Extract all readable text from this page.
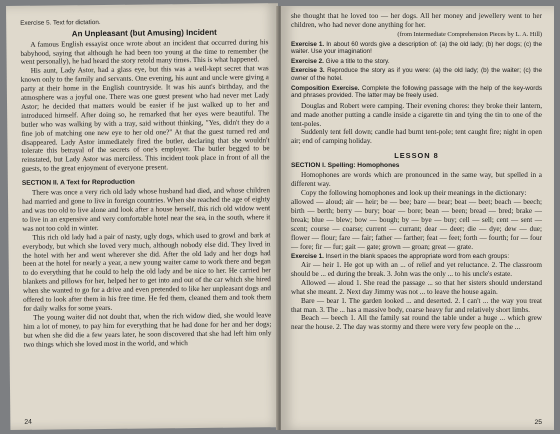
Exercise 5. Text for dictation.

An Unpleasant (but Amusing) Incident

A famous English essayist once wrote about an incident that occurred during his babyhood, saying that although he had been too young at the time to remember (he went personally), he had heard the story retold many times. This is what happened.

His aunt, Lady Astor, had a glass eye, but this was a well-kept secret that was known only to the family and servants. One evening, his aunt and uncle were giving a party at their home in the English countryside. It was his aunt's birthday, and the atmosphere was a joyful one. There was one guest present who had never met Lady Astor; he decided that matters would be easier if he just walked up to her and introduced himself. After doing so, he remarked that her eyes were beautiful. The butler who was walking by with a tray, said without thinking, "Yes, didn't they do a fine job of matching one new eye to her old one?" At that the guest turned red and disappeared. Lady Astor immediately fired the butler, declaring that she wouldn't tolerate this betrayal of the secrets of one's employer. The butler begged to be reinstated, but Lady Astor was merciless. This incident took place in front of all the guests, to the great enjoyment of everyone present.

SECTION II. A Text for Reproduction

There was once a very rich old lady whose husband had died, and whose children had married and gone to live in foreign countries. When she reached the age of eighty and was too old to live alone and look after a house herself, this rich old widow went to live in an expensive and very comfortable hotel near the sea, in the south, where it was not too cold in winter.

This rich old lady had a pair of nasty, ugly dogs, which used to growl and bark at everybody, but which she loved very much, although nobody else did. They lived in the hotel with her and went wherever she did. After the old lady and her dogs had been at the hotel for nearly a year, a new young waiter came to work there and began to do everything that he could to help the old lady and be nice to her. He carried her blankets and pillows for her, helped her to get into and out of the car which she hired when she wanted to go for a drive and even pretended to like her unpleasant dogs and offered to look after them in his free time. He fed them, cleaned them and took them for daily walks for some years.

The young waiter did not doubt that, when the rich widow died, she would leave him a lot of money, to pay him for everything that he had done for her and her dogs; but when she did die a few years later, he soon discovered that she had left him only two things which she loved most in the world, and which

24

she thought that he loved too — her dogs. All her money and jewellery went to her children, who had never done anything for her.

(from Intermediate Comprehension Pieces by L. A. Hill)

Exercise 1. In about 60 words give a description of: (a) the old lady; (b) her dogs; (c) the waiter. Use your imagination!

Exercise 2. Give a title to the story.

Exercise 3. Reproduce the story as if you were: (a) the old lady; (b) the waiter; (c) the owner of the hotel.

Composition Exercise. Complete the following passage with the help of the key-words and phrases provided. The latter may be freely used.

Douglas and Robert were camping. Their evening chores: they broke their lantern, and made another putting a candle inside a cigarette tin and tying the tin to one of the tent-poles.

Suddenly tent fell down; candle had burnt tent-pole; tent caught fire; night in open air; end of camping holiday.

LESSON 8
SECTION I. Spelling: Homophones

Homophones are words which are pronounced in the same way, but spelled in a different way.

Copy the following homophones and look up their meanings in the dictionary:

allowed — aloud; air — heir; be — bee; bare — bear; beat — beet; beach — beech; birth — berth; berry — bury; boar — bore; bean — been; bread — bred; brake — break; blue — blew; bow — bough; by — bye — buy; cell — sell; cent — sent — scent; course — coarse; current — currant; dear — deer; die — dye; dew — due; flower — flour; fare — fair; father — farther; feat — feet; forth — fourth; for — four — fore; fir — fur; gait — gate; grown — groan; great — grate.

Exercise 1. Insert in the blank spaces the appropriate word from each groups:

Air — heir 1. He got up with an ... of relief and yet reluctance. 2. The classroom should be ... ed during the break. 3. John was the only ... to his uncle's estate.

Allowed — aloud 1. She read the passage ... so that her sisters should understand what she meant. 2. Next day Jimmy was not ... to leave the house again.

Bare — bear 1. The garden looked ... and deserted. 2. I can't ... the way you treat that man. 3. The ... has a massive body, coarse heavy fur and relatively short limbs.

Beach — beech 1. All the family sat round the table under a huge ... which grew near the house. 2. The day was stormy and there were very few people on the ...

25
